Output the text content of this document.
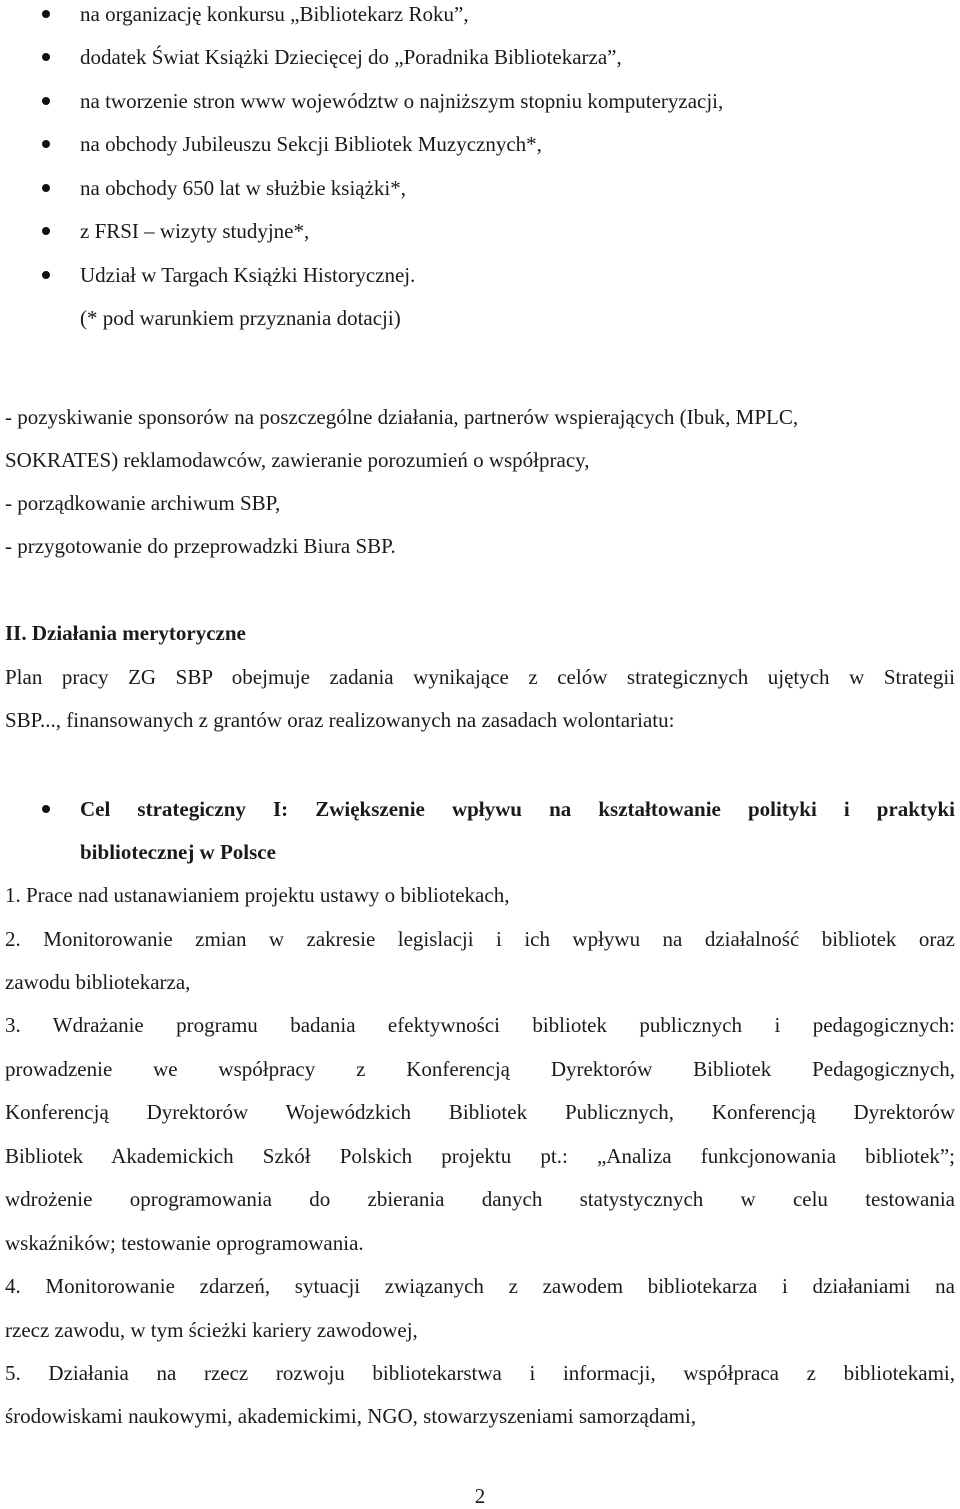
na organizację konkursu „Bibliotekarz Roku”,
dodatek Świat Książki Dziecięcej do „Poradnika Bibliotekarza”,
na tworzenie stron www województw o najniższym stopniu komputeryzacji,
na obchody Jubileuszu Sekcji Bibliotek Muzycznych*,
na obchody 650 lat w służbie książki*,
z FRSI – wizyty studyjne*,
Udział w Targach Książki Historycznej.
(* pod warunkiem przyznania dotacji)
- pozyskiwanie sponsorów na poszczególne działania, partnerów wspierających (Ibuk, MPLC,
SOKRATES) reklamodawców, zawieranie porozumień o współpracy,
- porządkowanie archiwum SBP,
- przygotowanie do przeprowadzki Biura SBP.
II. Działania merytoryczne
Plan pracy ZG SBP obejmuje zadania wynikające z celów strategicznych ujętych w Strategii
SBP..., finansowanych z grantów oraz realizowanych na zasadach wolontariatu:
Cel strategiczny I: Zwiększenie wpływu na kształtowanie polityki i praktyki
bibliotecznej w Polsce
1. Prace nad ustanawianiem projektu ustawy o bibliotekach,
2. Monitorowanie zmian w zakresie legislacji i ich wpływu na działalność bibliotek oraz
zawodu bibliotekarza,
3. Wdrażanie programu badania efektywności bibliotek publicznych i pedagogicznych:
prowadzenie we współpracy z Konferencją Dyrektorów Bibliotek Pedagogicznych,
Konferencją Dyrektorów Wojewódzkich Bibliotek Publicznych, Konferencją Dyrektorów
Bibliotek Akademickich Szkół Polskich projektu pt.: „Analiza funkcjonowania bibliotek”;
wdrożenie oprogramowania do zbierania danych statystycznych w celu testowania
wskaźników; testowanie oprogramowania.
4. Monitorowanie zdarzeń, sytuacji związanych z zawodem bibliotekarza i działaniami na
rzecz zawodu, w tym ścieżki kariery zawodowej,
5. Działania na rzecz rozwoju bibliotekarstwa i informacji, współpraca z bibliotekami,
środowiskami naukowymi, akademickimi, NGO, stowarzyszeniami samorządami,
2
